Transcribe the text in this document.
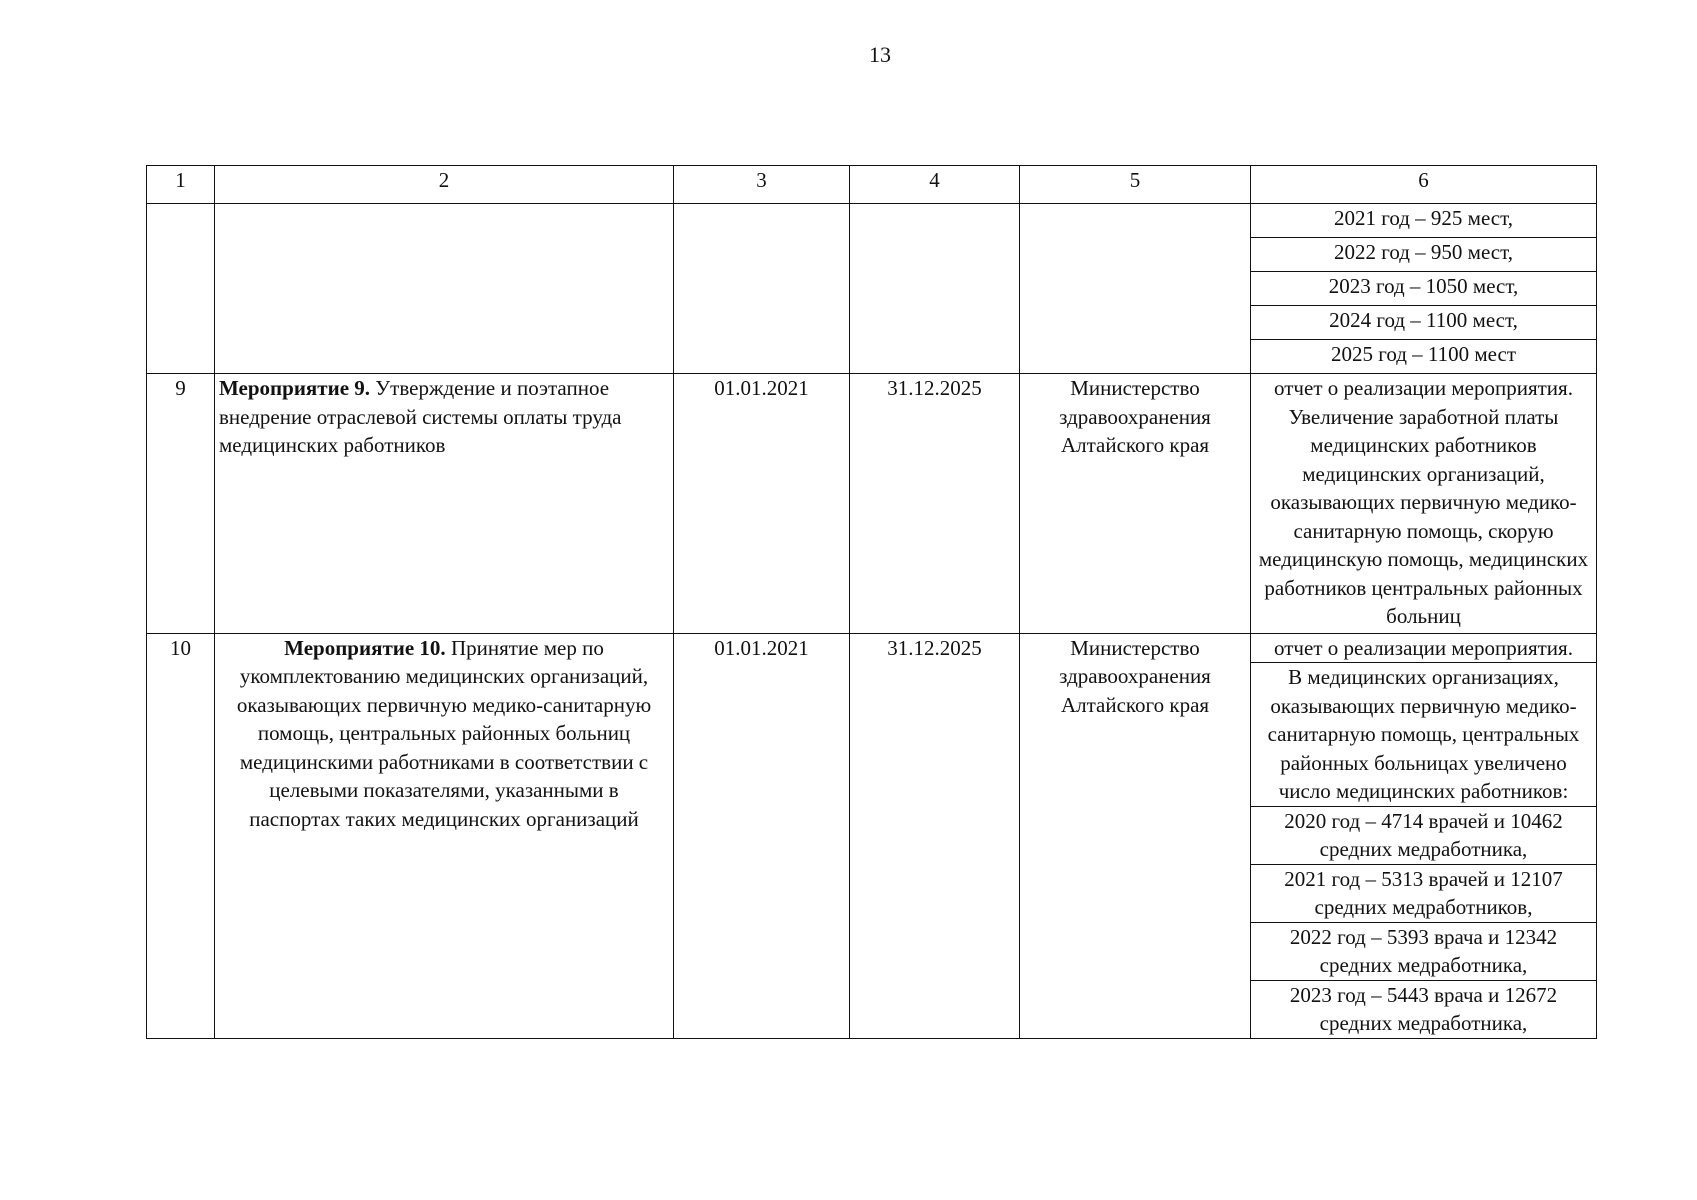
13
1	2	3	4	5	6
					2021 год – 925 мест,
					2022 год – 950 мест,
					2023 год – 1050 мест,
					2024 год – 1100 мест,
					2025 год – 1100 мест
9	Мероприятие 9. Утверждение и поэтапное внедрение отраслевой системы оплаты труда медицинских работников	01.01.2021	31.12.2025	Министерство здравоохранения Алтайского края	отчет о реализации мероприятия. Увеличение заработной платы медицинских работников медицинских организаций, оказывающих первичную медико-санитарную помощь, скорую медицинскую помощь, медицинских работников центральных районных больниц
10	Мероприятие 10. Принятие мер по укомплектованию медицинских организаций, оказывающих первичную медико-санитарную помощь, центральных районных больниц медицинскими работниками в соответствии с целевыми показателями, указанными в паспортах таких медицинских организаций	01.01.2021	31.12.2025	Министерство здравоохранения Алтайского края	отчет о реализации мероприятия.
					В медицинских организациях, оказывающих первичную медико-санитарную помощь, центральных районных больницах увеличено число медицинских работников:
					2020 год – 4714 врачей и 10462 средних медработника,
					2021 год – 5313 врачей и 12107 средних медработников,
					2022 год – 5393 врача и 12342 средних медработника,
					2023 год – 5443 врача и 12672 средних медработника,
